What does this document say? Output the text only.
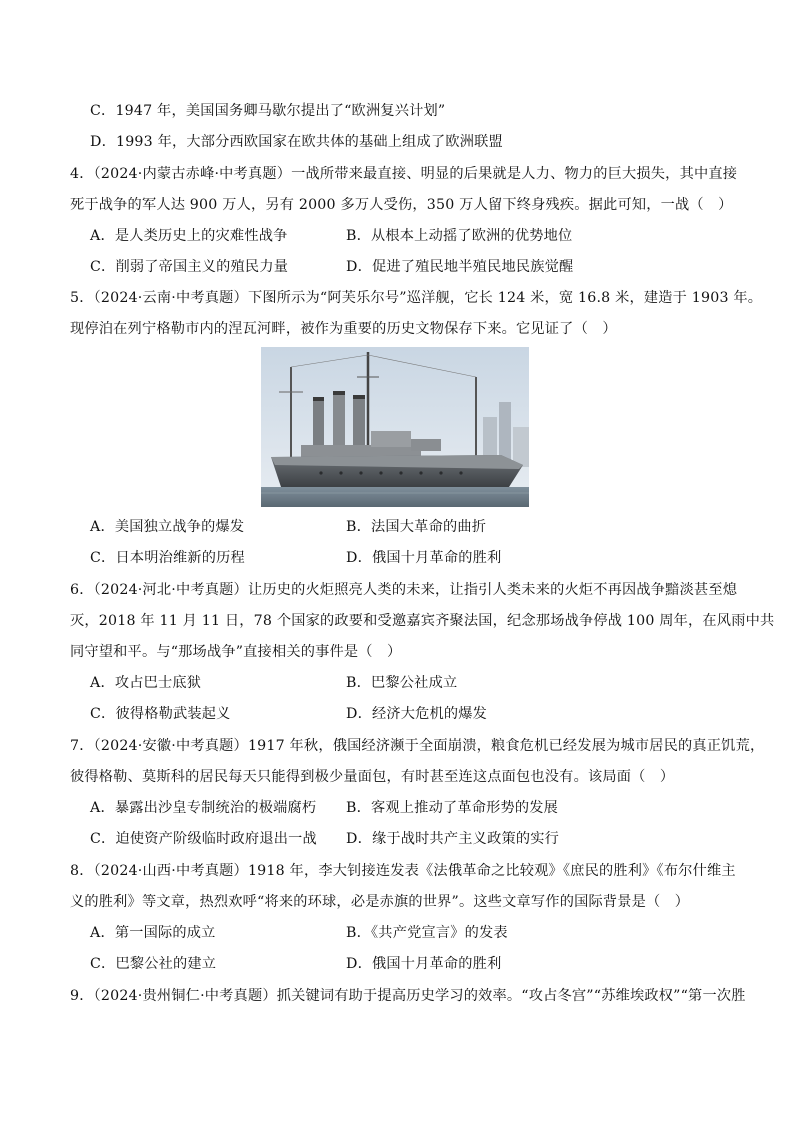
C．1947 年，美国国务卿马歇尔提出了“欧洲复兴计划”
D．1993 年，大部分西欧国家在欧共体的基础上组成了欧洲联盟
4．（2024·内蒙古赤峰·中考真题）一战所带来最直接、明显的后果就是人力、物力的巨大损失，其中直接
死于战争的军人达 900 万人，另有 2000 多万人受伤，350 万人留下终身残疾。据此可知，一战（　）
A．是人类历史上的灾难性战争	B．从根本上动摇了欧洲的优势地位
C．削弱了帝国主义的殖民力量	D．促进了殖民地半殖民地民族觉醒
5．（2024·云南·中考真题）下图所示为“阿芙乐尔号”巡洋舰，它长 124 米，宽 16.8 米，建造于 1903 年。
现停泊在列宁格勒市内的涅瓦河畔，被作为重要的历史文物保存下来。它见证了（　）
A．美国独立战争的爆发	B．法国大革命的曲折
C．日本明治维新的历程	D．俄国十月革命的胜利
6．（2024·河北·中考真题）让历史的火炬照亮人类的未来，让指引人类未来的火炬不再因战争黯淡甚至熄
灭，2018 年 11 月 11 日，78 个国家的政要和受邀嘉宾齐聚法国，纪念那场战争停战 100 周年，在风雨中共
同守望和平。与“那场战争”直接相关的事件是（　）
A．攻占巴士底狱	B．巴黎公社成立
C．彼得格勒武装起义	D．经济大危机的爆发
7．（2024·安徽·中考真题）1917 年秋，俄国经济濒于全面崩溃，粮食危机已经发展为城市居民的真正饥荒，
彼得格勒、莫斯科的居民每天只能得到极少量面包，有时甚至连这点面包也没有。该局面（　）
A．暴露出沙皇专制统治的极端腐朽 B．客观上推动了革命形势的发展
C．迫使资产阶级临时政府退出一战 D．缘于战时共产主义政策的实行
8．（2024·山西·中考真题）1918 年，李大钊接连发表《法俄革命之比较观》《庶民的胜利》《布尔什维主
义的胜利》等文章，热烈欢呼“将来的环球，必是赤旗的世界”。这些文章写作的国际背景是（　）
A．第一国际的成立	B．《共产党宣言》的发表
C．巴黎公社的建立	D．俄国十月革命的胜利
9．（2024·贵州铜仁·中考真题）抓关键词有助于提高历史学习的效率。“攻占冬宫”“苏维埃政权”“第一次胜
